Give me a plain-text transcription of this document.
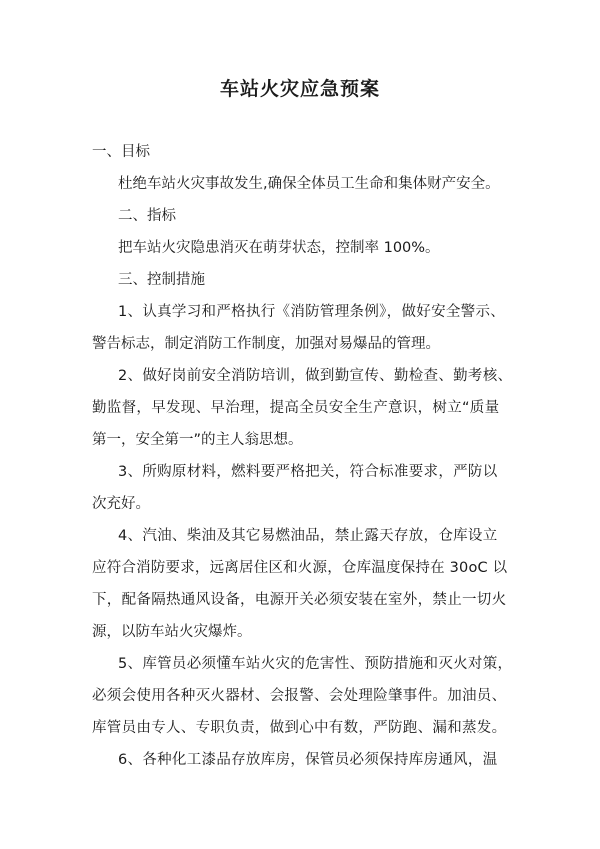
车站火灾应急预案

一、目标

杜绝车站火灾事故发生,确保全体员工生命和集体财产安全。

二、指标

把车站火灾隐患消灭在萌芽状态，控制率 100%。

三、控制措施

1、认真学习和严格执行《消防管理条例》，做好安全警示、

警告标志，制定消防工作制度，加强对易爆品的管理。

2、做好岗前安全消防培训，做到勤宣传、勤检查、勤考核、

勤监督，早发现、早治理，提高全员安全生产意识，树立“质量

第一，安全第一”的主人翁思想。

3、所购原材料，燃料要严格把关，符合标准要求，严防以

次充好。

4、汽油、柴油及其它易燃油品，禁止露天存放，仓库设立

应符合消防要求，远离居住区和火源，仓库温度保持在 30oC 以

下，配备隔热通风设备，电源开关必须安装在室外，禁止一切火

源，以防车站火灾爆炸。

5、库管员必须懂车站火灾的危害性、预防措施和灭火对策，

必须会使用各种灭火器材、会报警、会处理险肇事件。加油员、

库管员由专人、专职负责，做到心中有数，严防跑、漏和蒸发。

6、各种化工漆品存放库房，保管员必须保持库房通风，温
